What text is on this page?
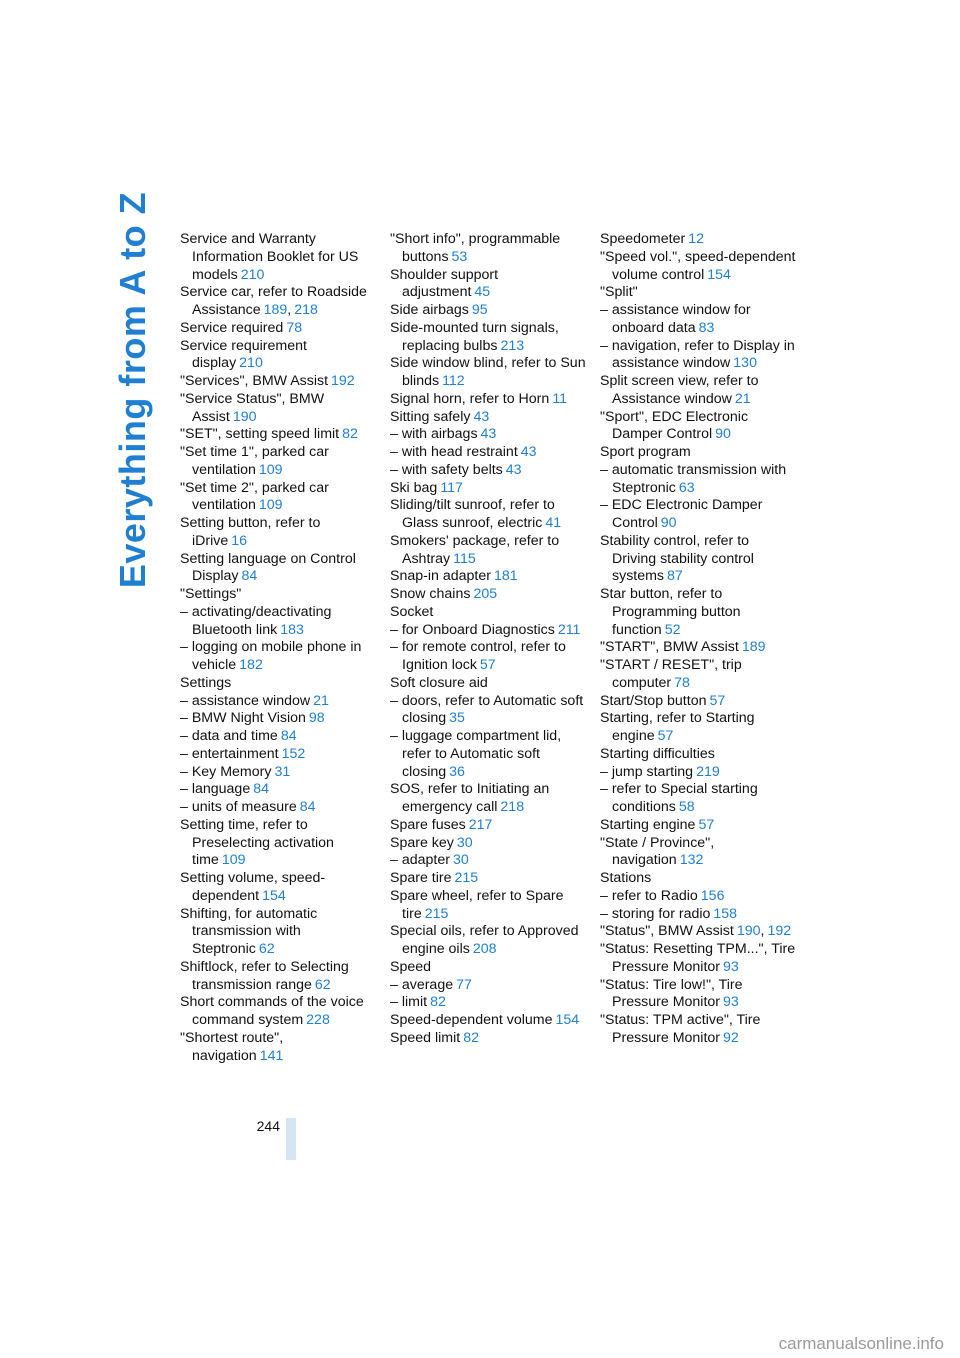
Everything from A to Z Service and Warranty Information Booklet for US models 210
Service car, refer to Roadside Assistance 189, 218
Service required 78
Service requirement display 210
"Services", BMW Assist 192
"Service Status", BMW Assist 190
"SET", setting speed limit 82
"Set time 1", parked car ventilation 109
"Set time 2", parked car ventilation 109
Setting button, refer to iDrive 16
Setting language on Control Display 84
"Settings"
– activating/deactivating Bluetooth link 183
– logging on mobile phone in vehicle 182
Settings
– assistance window 21
– BMW Night Vision 98
– data and time 84
– entertainment 152
– Key Memory 31
– language 84
– units of measure 84
Setting time, refer to Preselecting activation time 109
Setting volume, speed-dependent 154
Shifting, for automatic transmission with Steptronic 62
Shiftlock, refer to Selecting transmission range 62
Short commands of the voice command system 228
"Shortest route", navigation 141
"Short info", programmable buttons 53
Shoulder support adjustment 45
Side airbags 95
Side-mounted turn signals, replacing bulbs 213
Side window blind, refer to Sun blinds 112
Signal horn, refer to Horn 11
Sitting safely 43
– with airbags 43
– with head restraint 43
– with safety belts 43
Ski bag 117
Sliding/tilt sunroof, refer to Glass sunroof, electric 41
Smokers' package, refer to Ashtray 115
Snap-in adapter 181
Snow chains 205
Socket
– for Onboard Diagnostics 211
– for remote control, refer to Ignition lock 57
Soft closure aid
– doors, refer to Automatic soft closing 35
– luggage compartment lid, refer to Automatic soft closing 36
SOS, refer to Initiating an emergency call 218
Spare fuses 217
Spare key 30
– adapter 30
Spare tire 215
Spare wheel, refer to Spare tire 215
Special oils, refer to Approved engine oils 208
Speed
– average 77
– limit 82
Speed-dependent volume 154
Speed limit 82
Speedometer 12
"Speed vol.", speed-dependent volume control 154
"Split"
– assistance window for onboard data 83
– navigation, refer to Display in assistance window 130
Split screen view, refer to Assistance window 21
"Sport", EDC Electronic Damper Control 90
Sport program
– automatic transmission with Steptronic 63
– EDC Electronic Damper Control 90
Stability control, refer to Driving stability control systems 87
Star button, refer to Programming button function 52
"START", BMW Assist 189
"START / RESET", trip computer 78
Start/Stop button 57
Starting, refer to Starting engine 57
Starting difficulties
– jump starting 219
– refer to Special starting conditions 58
Starting engine 57
"State / Province", navigation 132
Stations
– refer to Radio 156
– storing for radio 158
"Status", BMW Assist 190, 192
"Status: Resetting TPM...", Tire Pressure Monitor 93
"Status: Tire low!", Tire Pressure Monitor 93
"Status: TPM active", Tire Pressure Monitor 92
244
carmanualsonline.info
